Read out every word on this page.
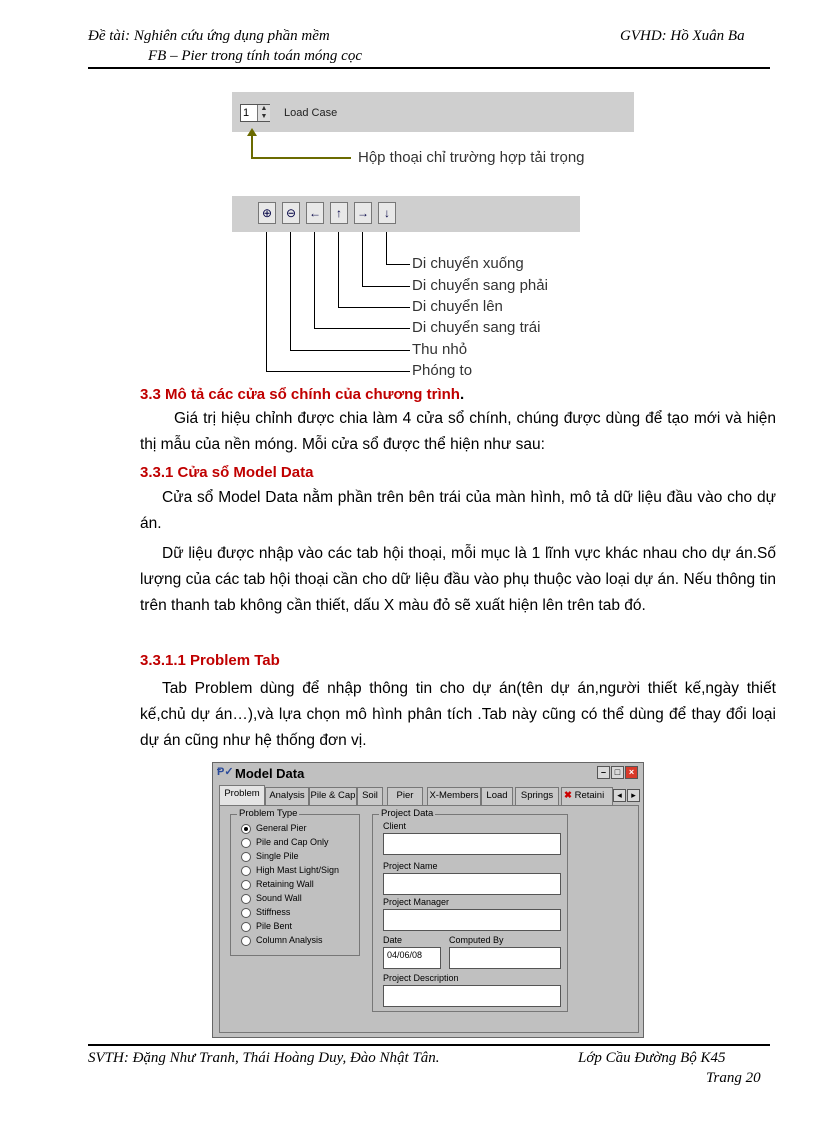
Đề tài: Nghiên cứu ứng dụng phần mềm
FB – Pier trong tính toán móng cọc
GVHD: Hồ Xuân Ba
1	▲
▼ Load Case
Hộp thoại chỉ trường hợp tải trọng
⊕	⊖	←	↑	→	↓
Di chuyển xuống
Di chuyển sang phải
Di chuyển lên
Di chuyển sang trái
Thu nhỏ
Phóng to
3.3 Mô tả các cửa sổ chính của chương trình.
Giá trị hiệu chỉnh được chia làm 4 cửa sổ chính, chúng được dùng để tạo mới và hiện thị mẫu của nền móng. Mỗi cửa sổ được thể hiện như sau:
3.3.1 Cửa sổ Model Data
Cửa sổ Model Data nằm phần trên bên trái của màn hình, mô tả dữ liệu đầu vào cho dự án.
Dữ liệu được nhập vào các tab hội thoại, mỗi mục là 1 lĩnh vực khác nhau cho dự án.Số lượng của các tab hội thoại cần cho dữ liệu đầu vào phụ thuộc vào loại dự án. Nếu thông tin trên thanh tab không cần thiết, dấu X màu đỏ sẽ xuất hiện lên trên tab đó.
3.3.1.1 Problem Tab
Tab Problem dùng để nhập thông tin cho dự án(tên dự án,người thiết kế,ngày thiết kế,chủ dự án…),và lựa chọn mô hình phân tích .Tab này cũng có thể dùng để thay đổi loại dự án cũng như hệ thống đơn vị.
Ᵽ✓ Model Data	– □ ×
Problem	Analysis Pile & Cap Soil	Pier	X-Members Load	Springs	✖ Retaini	◂	▸
Problem Type
General Pier
Pile and Cap Only
Single Pile
High Mast Light/Sign
Retaining Wall
Sound Wall
Stiffness
Pile Bent
Column Analysis
Project Data
Client
Project Name
Project Manager
Date
04/06/08
Computed By
Project Description
SVTH: Đặng Như Tranh, Thái Hoàng Duy, Đào Nhật Tân.	Lớp Cầu Đường Bộ K45
Trang 20
